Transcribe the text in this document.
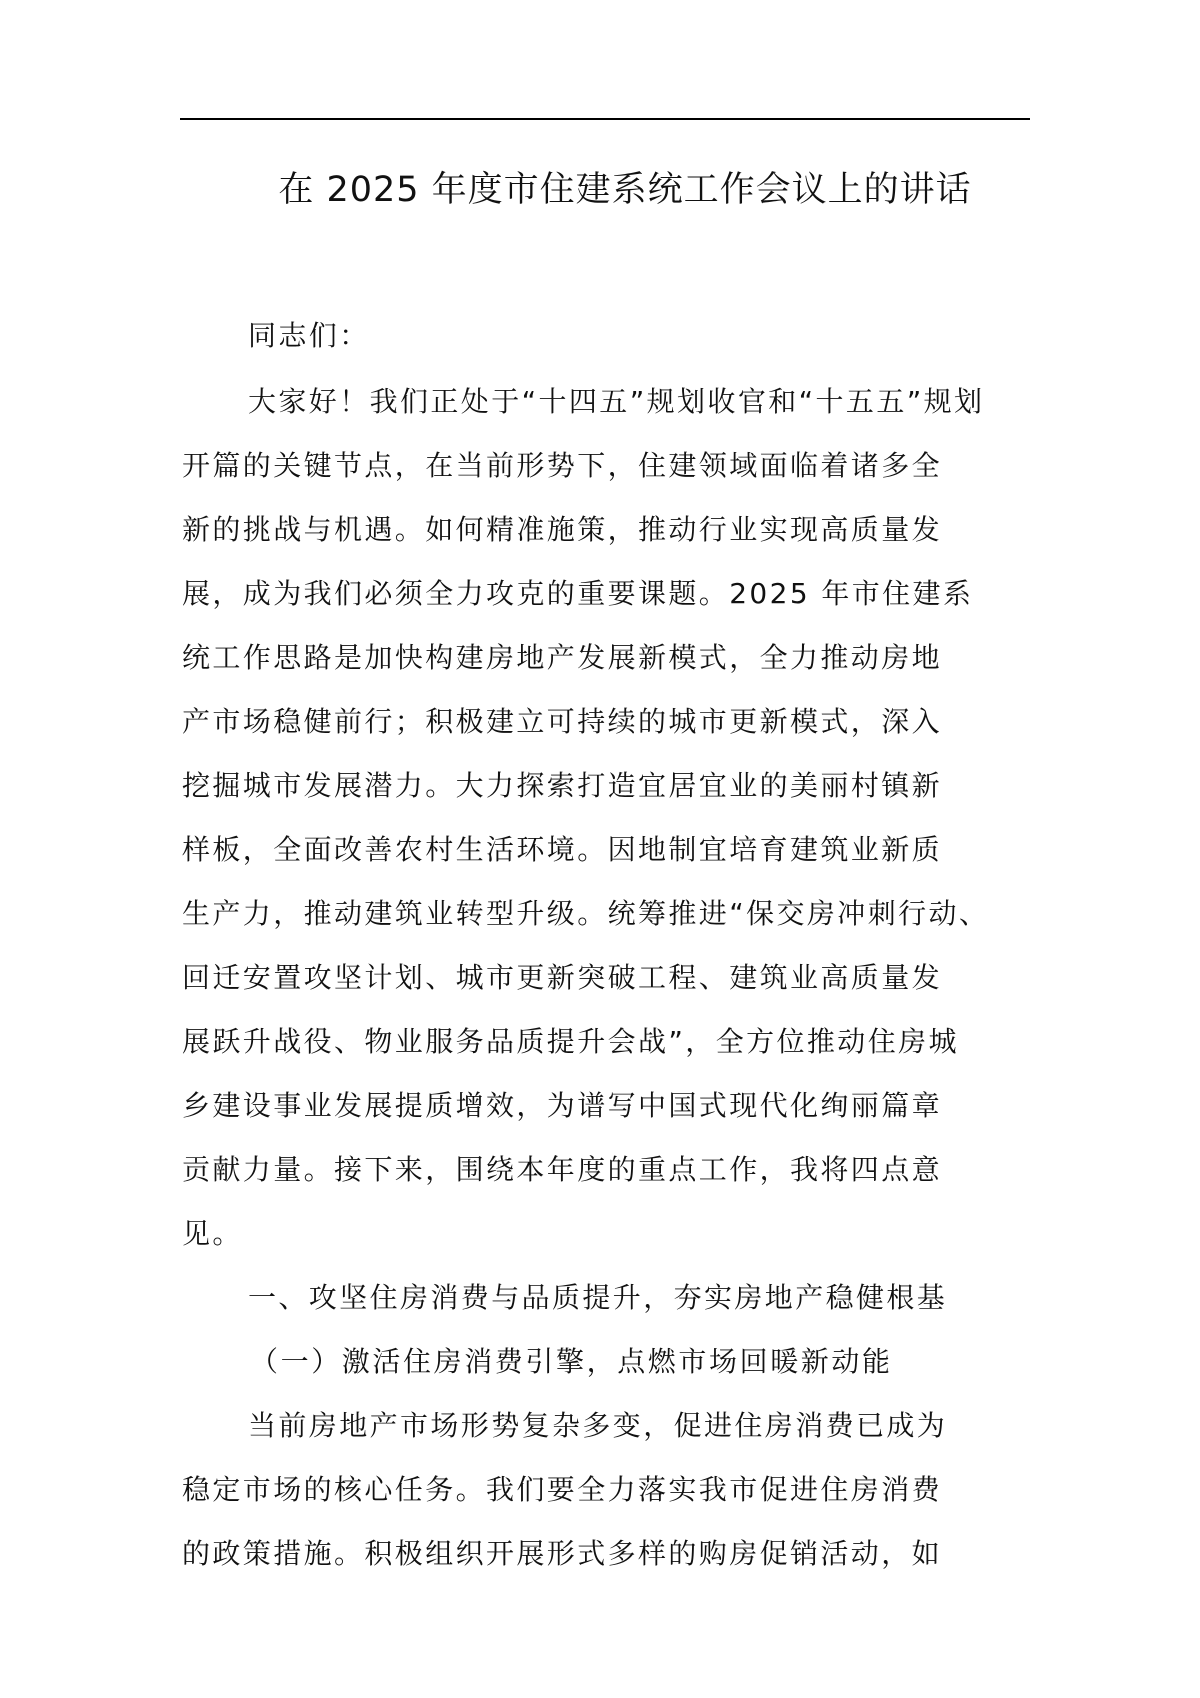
在 2025 年度市住建系统工作会议上的讲话
同志们：
大家好！我们正处于“十四五”规划收官和“十五五”规划
开篇的关键节点，在当前形势下，住建领域面临着诸多全
新的挑战与机遇。如何精准施策，推动行业实现高质量发
展，成为我们必须全力攻克的重要课题。2025 年市住建系
统工作思路是加快构建房地产发展新模式，全力推动房地
产市场稳健前行；积极建立可持续的城市更新模式，深入
挖掘城市发展潜力。大力探索打造宜居宜业的美丽村镇新
样板，全面改善农村生活环境。因地制宜培育建筑业新质
生产力，推动建筑业转型升级。统筹推进“保交房冲刺行动、
回迁安置攻坚计划、城市更新突破工程、建筑业高质量发
展跃升战役、物业服务品质提升会战”，全方位推动住房城
乡建设事业发展提质增效，为谱写中国式现代化绚丽篇章
贡献力量。接下来，围绕本年度的重点工作，我将四点意
见。
一、攻坚住房消费与品质提升，夯实房地产稳健根基
（一）激活住房消费引擎，点燃市场回暖新动能
当前房地产市场形势复杂多变，促进住房消费已成为
稳定市场的核心任务。我们要全力落实我市促进住房消费
的政策措施。积极组织开展形式多样的购房促销活动，如
